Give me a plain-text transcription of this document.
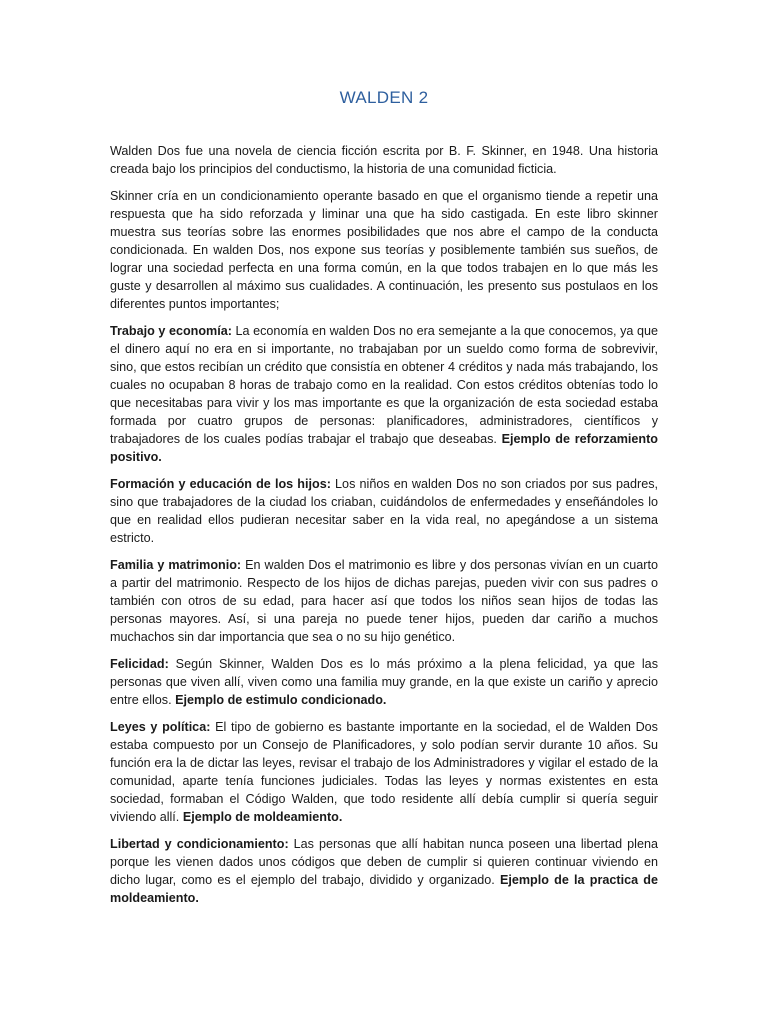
WALDEN 2

Walden Dos fue una novela de ciencia ficción escrita por B. F. Skinner, en 1948. Una historia creada bajo los principios del conductismo, la historia de una comunidad ficticia.

Skinner cría en un condicionamiento operante basado en que el organismo tiende a repetir una respuesta que ha sido reforzada y liminar una que ha sido castigada. En este libro skinner muestra sus teorías sobre las enormes posibilidades que nos abre el campo de la conducta condicionada. En walden Dos, nos expone sus teorías y posiblemente también sus sueños, de lograr una sociedad perfecta en una forma común, en la que todos trabajen en lo que más les guste y desarrollen al máximo sus cualidades. A continuación, les presento sus postulaos en los diferentes puntos importantes;

Trabajo y economía: La economía en walden Dos no era semejante a la que conocemos, ya que el dinero aquí no era en si importante, no trabajaban por un sueldo como forma de sobrevivir, sino, que estos recibían un crédito que consistía en obtener 4 créditos y nada más trabajando, los cuales no ocupaban 8 horas de trabajo como en la realidad. Con estos créditos obtenías todo lo que necesitabas para vivir y los mas importante es que la organización de esta sociedad estaba formada por cuatro grupos de personas: planificadores, administradores, científicos y trabajadores de los cuales podías trabajar el trabajo que deseabas. Ejemplo de reforzamiento positivo.

Formación y educación de los hijos: Los niños en walden Dos no son criados por sus padres, sino que trabajadores de la ciudad los criaban, cuidándolos de enfermedades y enseñándoles lo que en realidad ellos pudieran necesitar saber en la vida real, no apegándose a un sistema estricto.

Familia y matrimonio: En walden Dos el matrimonio es libre y dos personas vivían en un cuarto a partir del matrimonio. Respecto de los hijos de dichas parejas, pueden vivir con sus padres o también con otros de su edad, para hacer así que todos los niños sean hijos de todas las personas mayores. Así, si una pareja no puede tener hijos, pueden dar cariño a muchos muchachos sin dar importancia que sea o no su hijo genético.

Felicidad: Según Skinner, Walden Dos es lo más próximo a la plena felicidad, ya que las personas que viven allí, viven como una familia muy grande, en la que existe un cariño y aprecio entre ellos. Ejemplo de estimulo condicionado.

Leyes y política: El tipo de gobierno es bastante importante en la sociedad, el de Walden Dos estaba compuesto por un Consejo de Planificadores, y solo podían servir durante 10 años. Su función era la de dictar las leyes, revisar el trabajo de los Administradores y vigilar el estado de la comunidad, aparte tenía funciones judiciales. Todas las leyes y normas existentes en esta sociedad, formaban el Código Walden, que todo residente allí debía cumplir si quería seguir viviendo allí. Ejemplo de moldeamiento.

Libertad y condicionamiento: Las personas que allí habitan nunca poseen una libertad plena porque les vienen dados unos códigos que deben de cumplir si quieren continuar viviendo en dicho lugar, como es el ejemplo del trabajo, dividido y organizado. Ejemplo de la practica de moldeamiento.
